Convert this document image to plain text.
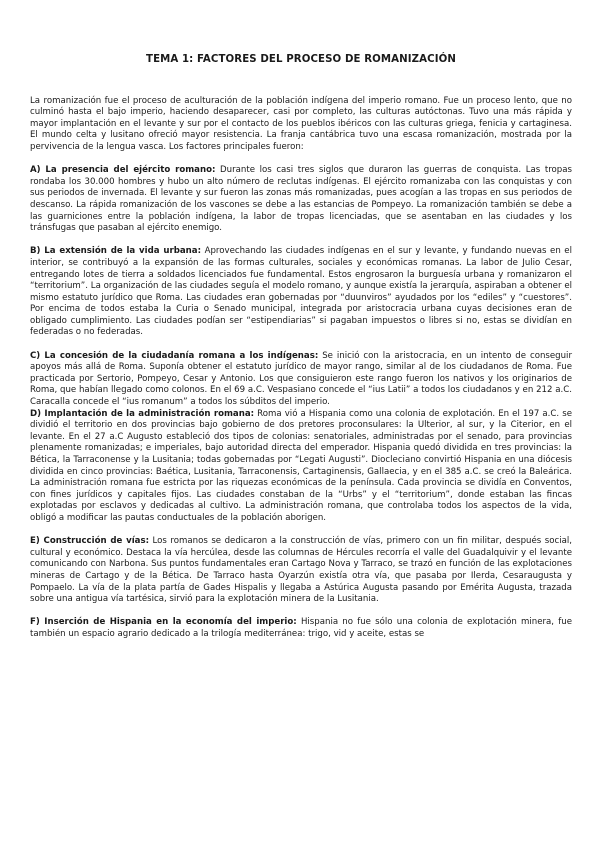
TEMA 1: FACTORES DEL PROCESO DE ROMANIZACIÓN

La romanización fue el proceso de aculturación de la población indígena del imperio romano. Fue un proceso lento, que no culminó hasta el bajo imperio, haciendo desaparecer, casi por completo, las culturas autóctonas. Tuvo una más rápida y mayor implantación en el levante y sur por el contacto de los pueblos ibéricos con las culturas griega, fenicia y cartaginesa. El mundo celta y lusitano ofreció mayor resistencia. La franja cantábrica tuvo una escasa romanización, mostrada por la pervivencia de la lengua vasca. Los factores principales fueron:

A) La presencia del ejército romano: Durante los casi tres siglos que duraron las guerras de conquista. Las tropas rondaba los 30.000 hombres y hubo un alto número de reclutas indígenas. El ejército romanizaba con las conquistas y con sus periodos de invernada. El levante y sur fueron las zonas más romanizadas, pues acogían a las tropas en sus periodos de descanso. La rápida romanización de los vascones se debe a las estancias de Pompeyo. La romanización también se debe a las guarniciones entre la población indígena, la labor de tropas licenciadas, que se asentaban en las ciudades y los tránsfugas que pasaban al ejército enemigo.

B) La extensión de la vida urbana: Aprovechando las ciudades indígenas en el sur y levante, y fundando nuevas en el interior, se contribuyó a la expansión de las formas culturales, sociales y económicas romanas. La labor de Julio Cesar, entregando lotes de tierra a soldados licenciados fue fundamental. Estos engrosaron la burguesía urbana y romanizaron el “territorium”. La organización de las ciudades seguía el modelo romano, y aunque existía la jerarquía, aspiraban a obtener el mismo estatuto jurídico que Roma. Las ciudades eran gobernadas por “duunviros” ayudados por los “ediles” y “cuestores”. Por encima de todos estaba la Curia o Senado municipal, integrada por aristocracia urbana cuyas decisiones eran de obligado cumplimiento. Las ciudades podían ser “estipendiarias” si pagaban impuestos o libres si no, estas se dividían en federadas o no federadas.

C) La concesión de la ciudadanía romana a los indígenas: Se inició con la aristocracia, en un intento de conseguir apoyos más allá de Roma. Suponía obtener el estatuto jurídico de mayor rango, similar al de los ciudadanos de Roma. Fue practicada por Sertorio, Pompeyo, Cesar y Antonio. Los que consiguieron este rango fueron los nativos y los originarios de Roma, que habían llegado como colonos. En el 69 a.C. Vespasiano concede el “ius Latii” a todos los ciudadanos y en 212 a.C. Caracalla concede el “ius romanum” a todos los súbditos del imperio.

D) Implantación de la administración romana: Roma vió a Hispania como una colonia de explotación. En el 197 a.C. se dividió el territorio en dos provincias bajo gobierno de dos pretores proconsulares: la Ulterior, al sur, y la Citerior, en el levante. En el 27 a.C Augusto estableció dos tipos de colonias: senatoriales, administradas por el senado, para provincias plenamente romanizadas; e imperiales, bajo autoridad directa del emperador. Hispania quedó dividida en tres provincias: la Bética, la Tarraconense y la Lusitania; todas gobernadas por “Legati Augusti”. Diocleciano convirtió Hispania en una diócesis dividida en cinco provincias: Baética, Lusitania, Tarraconensis, Cartaginensis, Gallaecia, y en el 385 a.C. se creó la Baleárica. La administración romana fue estricta por las riquezas económicas de la península. Cada provincia se dividía en Conventos, con fines jurídicos y capitales fijos. Las ciudades constaban de la “Urbs” y el “territorium”, donde estaban las fincas explotadas por esclavos y dedicadas al cultivo. La administración romana, que controlaba todos los aspectos de la vida, obligó a modificar las pautas conductuales de la población aborigen.

E) Construcción de vías: Los romanos se dedicaron a la construcción de vías, primero con un fin militar, después social, cultural y económico. Destaca la vía hercúlea, desde las columnas de Hércules recorría el valle del Guadalquivir y el levante comunicando con Narbona. Sus puntos fundamentales eran Cartago Nova y Tarraco, se trazó en función de las explotaciones mineras de Cartago y de la Bética. De Tarraco hasta Oyarzún existía otra vía, que pasaba por Ilerda, Cesaraugusta y Pompaelo. La vía de la plata partía de Gades Hispalis y llegaba a Astúrica Augusta pasando por Emérita Augusta, trazada sobre una antigua vía tartésica, sirvió para la explotación minera de la Lusitania.

F) Inserción de Hispania en la economía del imperio: Hispania no fue sólo una colonia de explotación minera, fue también un espacio agrario dedicado a la trilogía mediterránea: trigo, vid y aceite, estas se
